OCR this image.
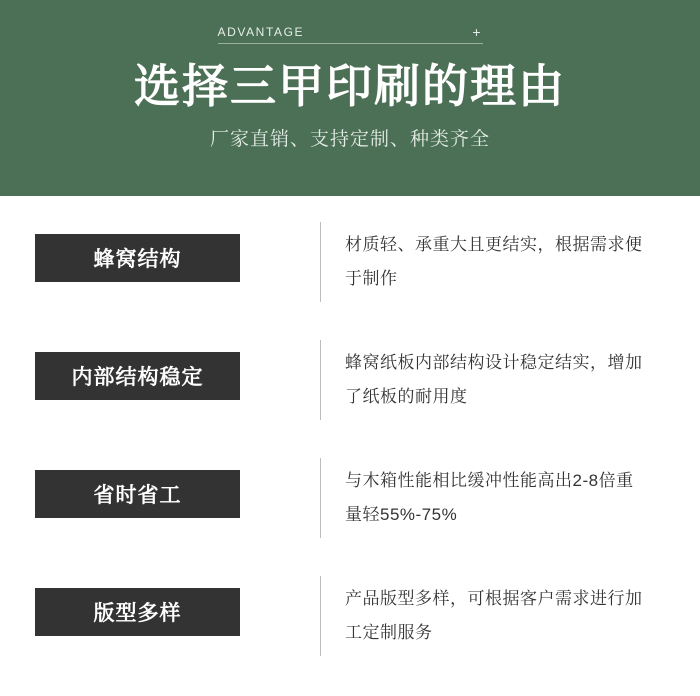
ADVANTAGE	+
选择三甲印刷的理由
厂家直销、支持定制、种类齐全
蜂窝结构
材质轻、承重大且更结实，根据需求便于制作
内部结构稳定
蜂窝纸板内部结构设计稳定结实，增加了纸板的耐用度
省时省工
与木箱性能相比缓冲性能高出2-8倍重量轻55%-75%
版型多样
产品版型多样，可根据客户需求进行加工定制服务
